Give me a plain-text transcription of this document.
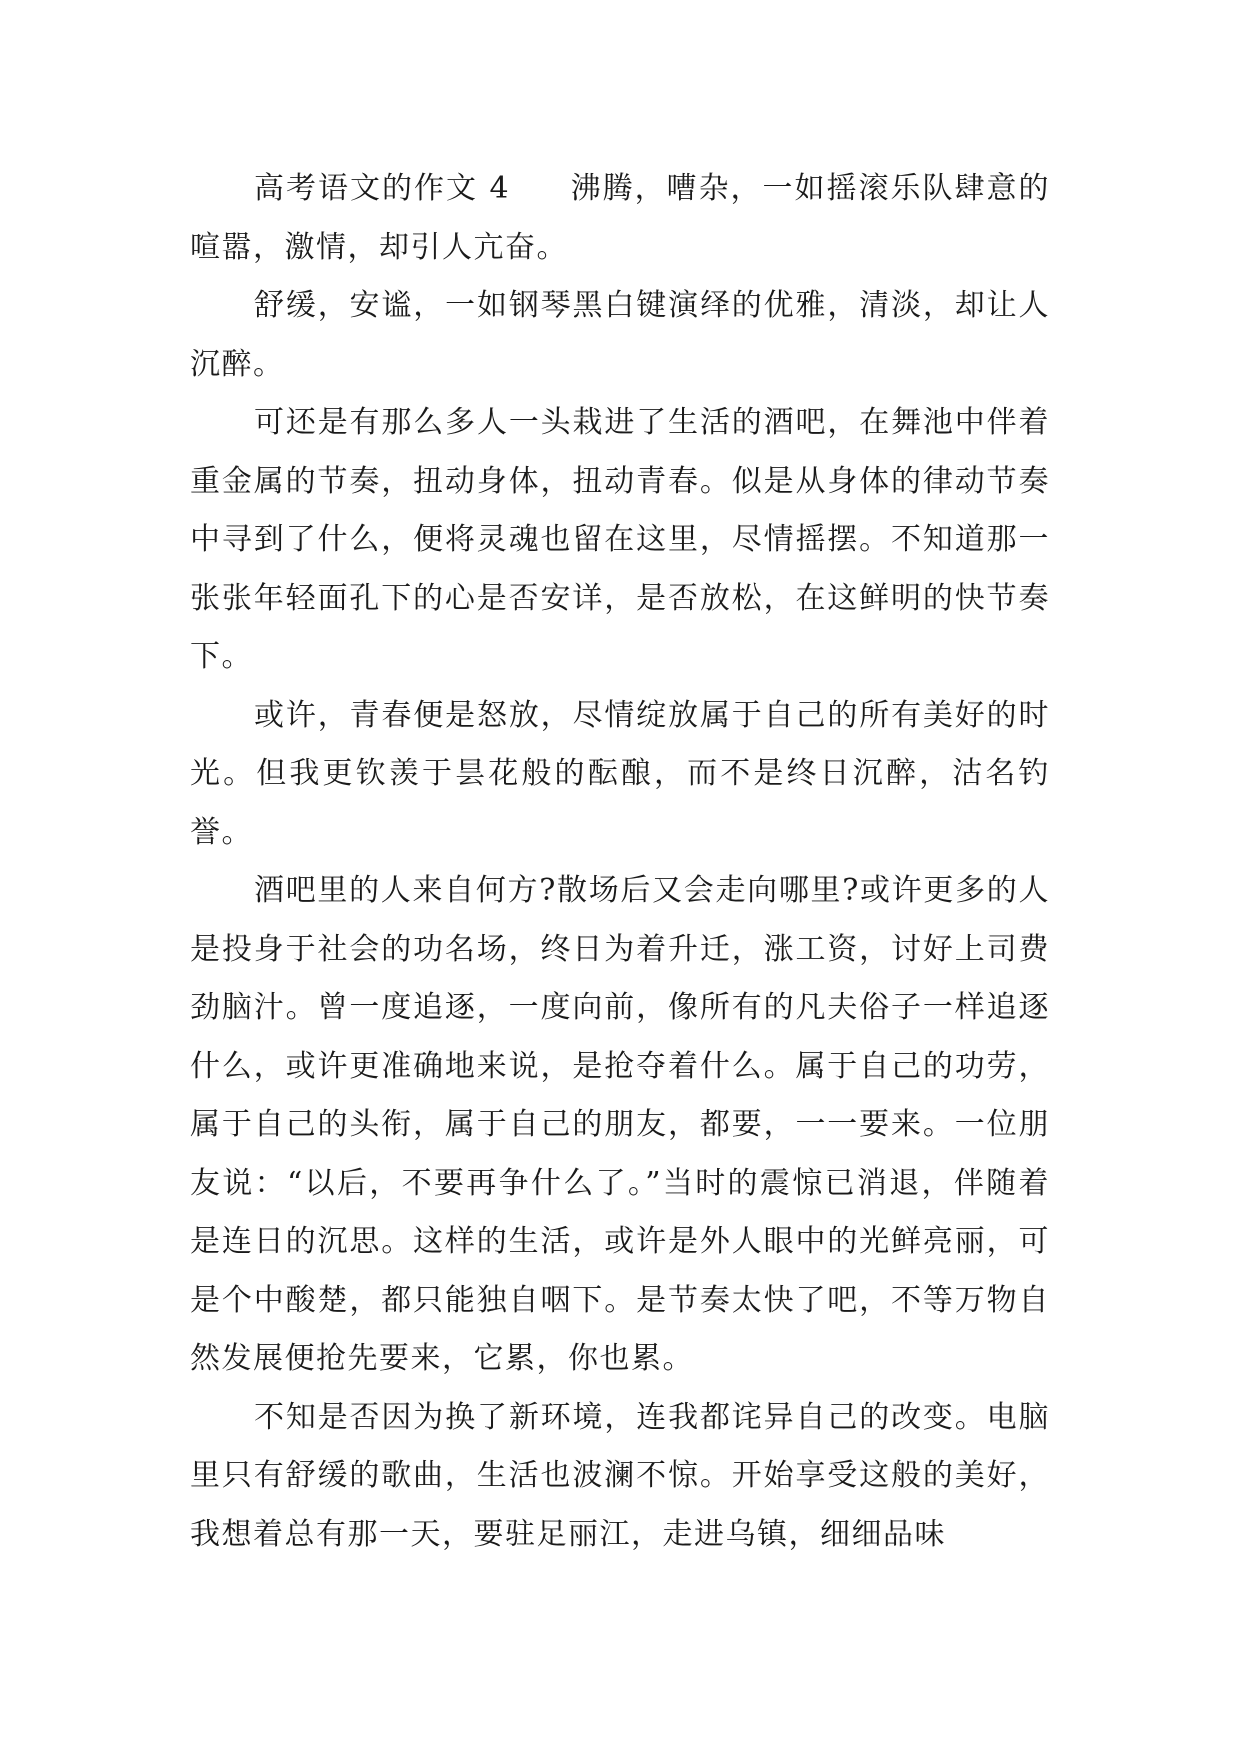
高考语文的作文 4 沸腾，嘈杂，一如摇滚乐队肆意的喧嚣，激情，却引人亢奋。

舒缓，安谧，一如钢琴黑白键演绎的优雅，清淡，却让人沉醉。

可还是有那么多人一头栽进了生活的酒吧，在舞池中伴着重金属的节奏，扭动身体，扭动青春。似是从身体的律动节奏中寻到了什么，便将灵魂也留在这里，尽情摇摆。不知道那一张张年轻面孔下的心是否安详，是否放松，在这鲜明的快节奏下。

或许，青春便是怒放，尽情绽放属于自己的所有美好的时光。但我更钦羡于昙花般的酝酿，而不是终日沉醉，沽名钓誉。

酒吧里的人来自何方?散场后又会走向哪里?或许更多的人是投身于社会的功名场，终日为着升迁，涨工资，讨好上司费劲脑汁。曾一度追逐，一度向前，像所有的凡夫俗子一样追逐什么，或许更准确地来说，是抢夺着什么。属于自己的功劳，属于自己的头衔，属于自己的朋友，都要，一一要来。一位朋友说：“以后，不要再争什么了。”当时的震惊已消退，伴随着是连日的沉思。这样的生活，或许是外人眼中的光鲜亮丽，可是个中酸楚，都只能独自咽下。是节奏太快了吧，不等万物自然发展便抢先要来，它累，你也累。

不知是否因为换了新环境，连我都诧异自己的改变。电脑里只有舒缓的歌曲，生活也波澜不惊。开始享受这般的美好，我想着总有那一天，要驻足丽江，走进乌镇，细细品味
